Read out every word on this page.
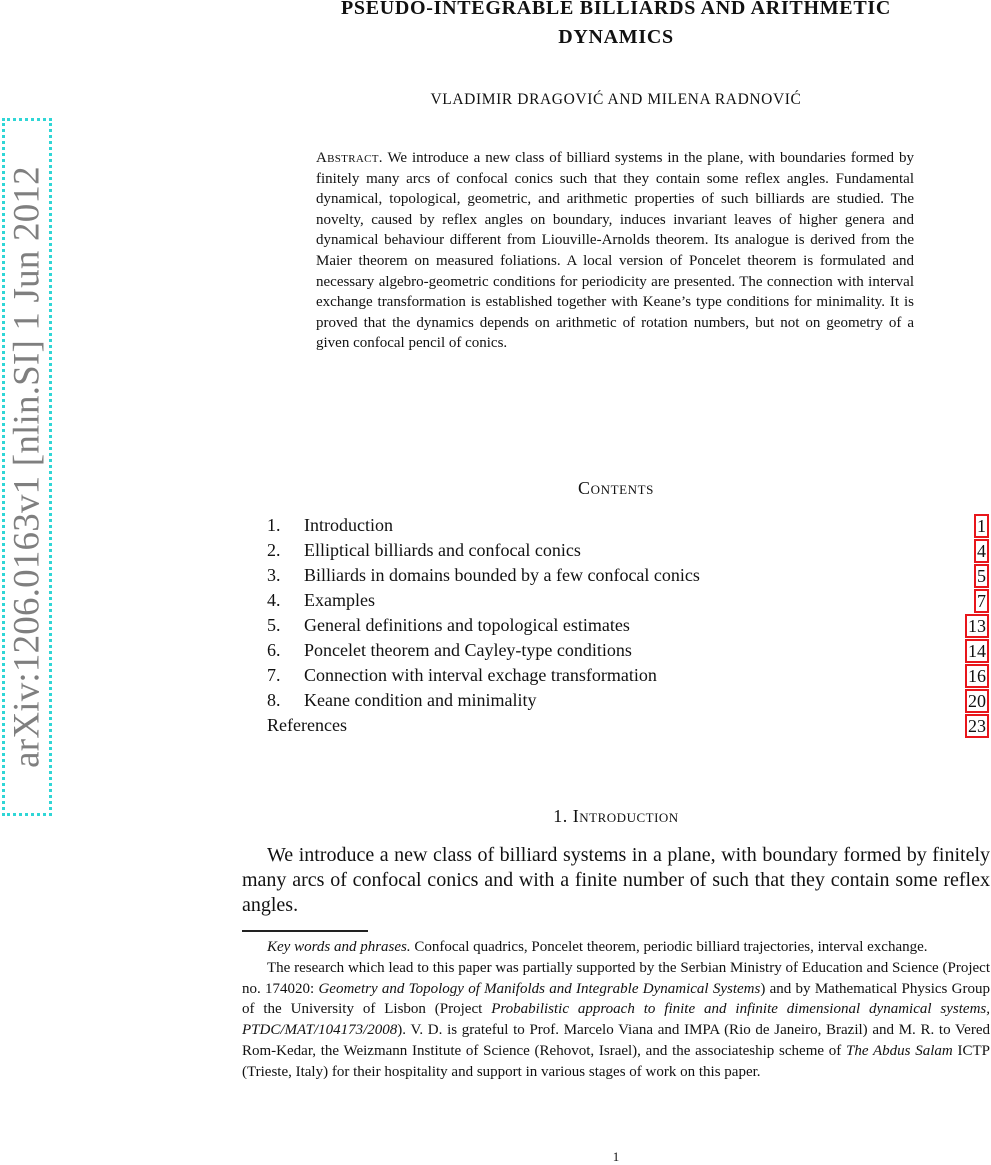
arXiv:1206.0163v1 [nlin.SI] 1 Jun 2012
PSEUDO-INTEGRABLE BILLIARDS AND ARITHMETIC
DYNAMICS
VLADIMIR DRAGOVIĆ AND MILENA RADNOVIĆ

Abstract. We introduce a new class of billiard systems in the plane, with boundaries formed by finitely many arcs of confocal conics such that they contain some reflex angles. Fundamental dynamical, topological, geometric, and arithmetic properties of such billiards are studied. The novelty, caused by reflex angles on boundary, induces invariant leaves of higher genera and dynamical behaviour different from Liouville-Arnolds theorem. Its analogue is derived from the Maier theorem on measured foliations. A local version of Poncelet theorem is formulated and necessary algebro-geometric conditions for periodicity are presented. The connection with interval exchange transformation is established together with Keane’s type conditions for minimality. It is proved that the dynamics depends on arithmetic of rotation numbers, but not on geometry of a given confocal pencil of conics.

Contents
1.	Introduction	1
2.	Elliptical billiards and confocal conics	4
3.	Billiards in domains bounded by a few confocal conics	5
4.	Examples	7
5.	General definitions and topological estimates	13
6.	Poncelet theorem and Cayley-type conditions	14
7.	Connection with interval exchage transformation	16
8.	Keane condition and minimality	20
References	23
1. Introduction

We introduce a new class of billiard systems in a plane, with boundary formed by finitely many arcs of confocal conics and with a finite number of such that they contain some reflex angles.

Key words and phrases. Confocal quadrics, Poncelet theorem, periodic billiard trajectories, interval exchange.

The research which lead to this paper was partially supported by the Serbian Ministry of Education and Science (Project no. 174020: Geometry and Topology of Manifolds and Integrable Dynamical Systems) and by Mathematical Physics Group of the University of Lisbon (Project Probabilistic approach to finite and infinite dimensional dynamical systems, PTDC/MAT/104173/2008). V. D. is grateful to Prof. Marcelo Viana and IMPA (Rio de Janeiro, Brazil) and M. R. to Vered Rom-Kedar, the Weizmann Institute of Science (Rehovot, Israel), and the associateship scheme of The Abdus Salam ICTP (Trieste, Italy) for their hospitality and support in various stages of work on this paper.

1
